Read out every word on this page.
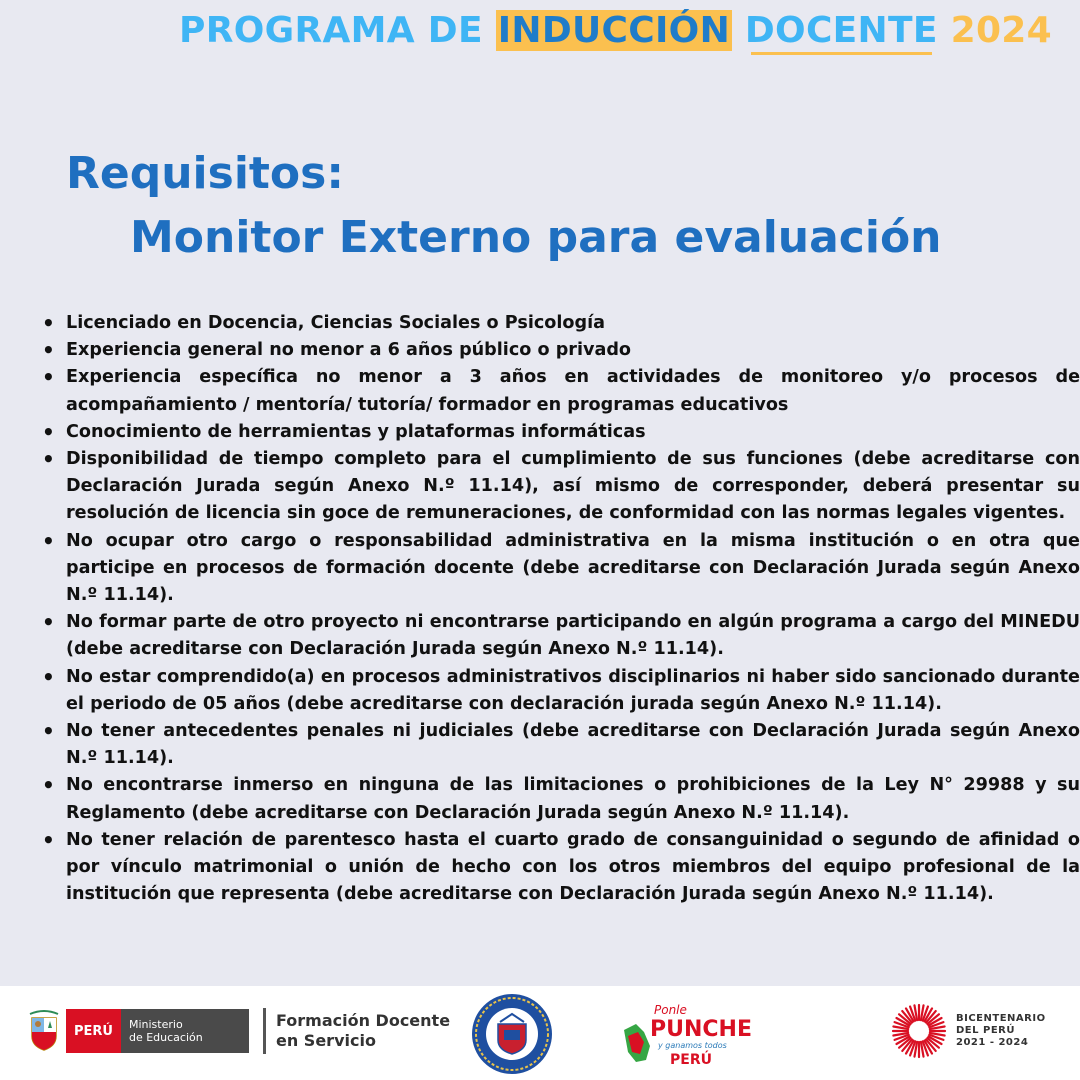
PROGRAMA DE INDUCCIÓN DOCENTE 2024
Requisitos:
Monitor Externo para evaluación
• Licenciado en Docencia, Ciencias Sociales o Psicología
• Experiencia general no menor a 6 años público o privado
• Experiencia específica no menor a 3 años en actividades de monitoreo y/o procesos de acompañamiento / mentoría/ tutoría/ formador en programas educativos
• Conocimiento de herramientas y plataformas informáticas
• Disponibilidad de tiempo completo para el cumplimiento de sus funciones (debe acreditarse con Declaración Jurada según Anexo N.º 11.14), así mismo de corresponder, deberá presentar su resolución de licencia sin goce de remuneraciones, de conformidad con las normas legales vigentes.
• No ocupar otro cargo o responsabilidad administrativa en la misma institución o en otra que participe en procesos de formación docente (debe acreditarse con Declaración Jurada según Anexo N.º 11.14).
• No formar parte de otro proyecto ni encontrarse participando en algún programa a cargo del MINEDU (debe acreditarse con Declaración Jurada según Anexo N.º 11.14).
• No estar comprendido(a) en procesos administrativos disciplinarios ni haber sido sancionado durante el periodo de 05 años (debe acreditarse con declaración jurada según Anexo N.º 11.14).
• No tener antecedentes penales ni judiciales (debe acreditarse con Declaración Jurada según Anexo N.º 11.14).
• No encontrarse inmerso en ninguna de las limitaciones o prohibiciones de la Ley N° 29988 y su Reglamento (debe acreditarse con Declaración Jurada según Anexo N.º 11.14).
• No tener relación de parentesco hasta el cuarto grado de consanguinidad o segundo de afinidad o por vínculo matrimonial o unión de hecho con los otros miembros del equipo profesional de la institución que representa (debe acreditarse con Declaración Jurada según Anexo N.º 11.14).
PERÚ	Ministerio
de Educación
Formación Docente
en Servicio
Ponle
PUNCHE
y ganamos todos
PERÚ
BICENTENARIO
DEL PERÚ
2021 - 2024
